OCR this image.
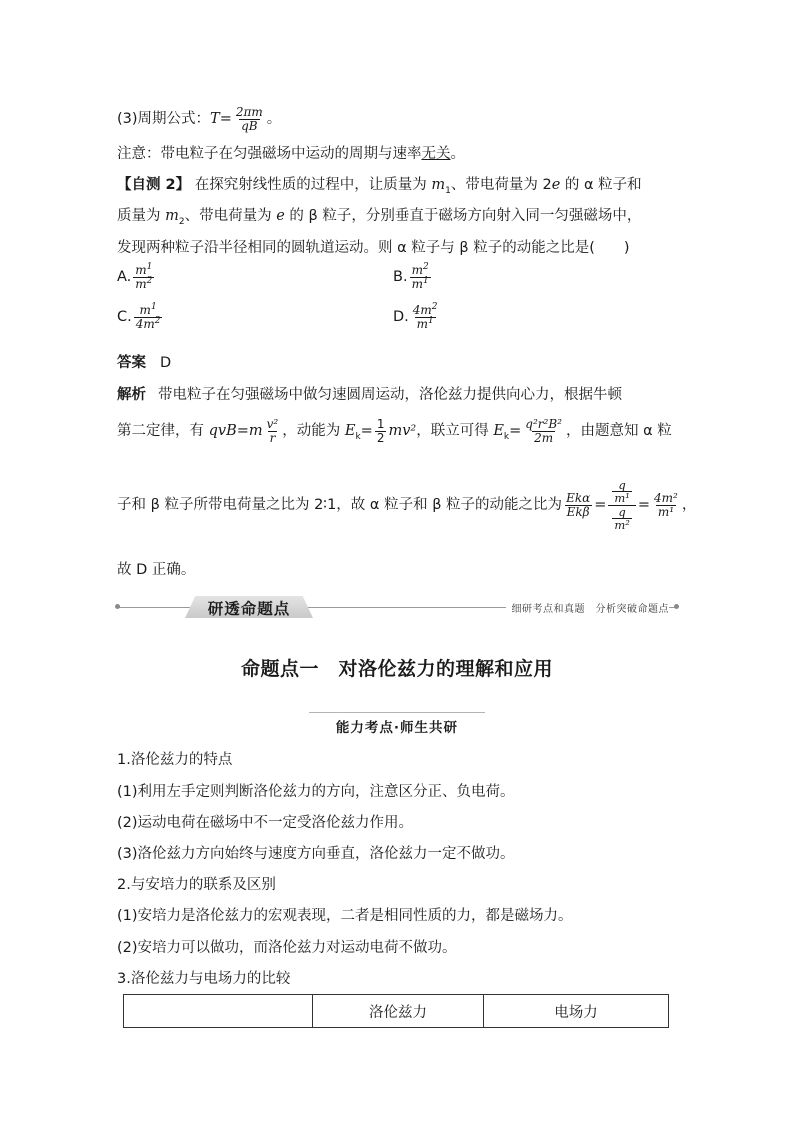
(3)周期公式：$T= \frac{2\pi m}{qB}$ 。
注意：带电粒子在匀强磁场中运动的周期与速率无关。
【自测 2】 在探究射线性质的过程中，让质量为 $m_1$、带电荷量为 2e 的 α 粒子和
质量为 $m_2$、带电荷量为 e 的 β 粒子，分别垂直于磁场方向射入同一匀强磁场中，
发现两种粒子沿半径相同的圆轨道运动。则 α 粒子与 β 粒子的动能之比是(　　)
A. $\frac{m^1}{m^2}$	B. $\frac{m^2}{m^1}$
C. $\frac{m^1}{4m^2}$	D. $\frac{4m^2}{m^1}$
答案 D
解析 带电粒子在匀强磁场中做匀速圆周运动，洛伦兹力提供向心力，根据牛顿
第二定律，有 $qvB=m \frac{\text{v²}}{r}$ ，动能为 $E_k= \frac{1}{2} mv^2$，联立可得 $E_k= \frac{\text{q²r²B²}}{2m}$ ，由题意知 α 粒
子和 β 粒子所带电荷量之比为 2∶1，故 α 粒子和 β 粒子的动能之比为 $\frac{\text{Ekα}}{\text{Ekβ}} = \frac{\frac{q}{\text{m¹}}}{\frac{q}{\text{m²}}} = \frac{\text{4m²}}{\text{m¹}}$ ，
故 D 正确。
研透命题点	细研考点和真题　分析突破命题点
命题点一　对洛伦兹力的理解和应用
能力考点·师生共研
1.洛伦兹力的特点
(1)利用左手定则判断洛伦兹力的方向，注意区分正、负电荷。
(2)运动电荷在磁场中不一定受洛伦兹力作用。
(3)洛伦兹力方向始终与速度方向垂直，洛伦兹力一定不做功。
2.与安培力的联系及区别
(1)安培力是洛伦兹力的宏观表现，二者是相同性质的力，都是磁场力。
(2)安培力可以做功，而洛伦兹力对运动电荷不做功。
3.洛伦兹力与电场力的比较
	洛伦兹力	电场力
